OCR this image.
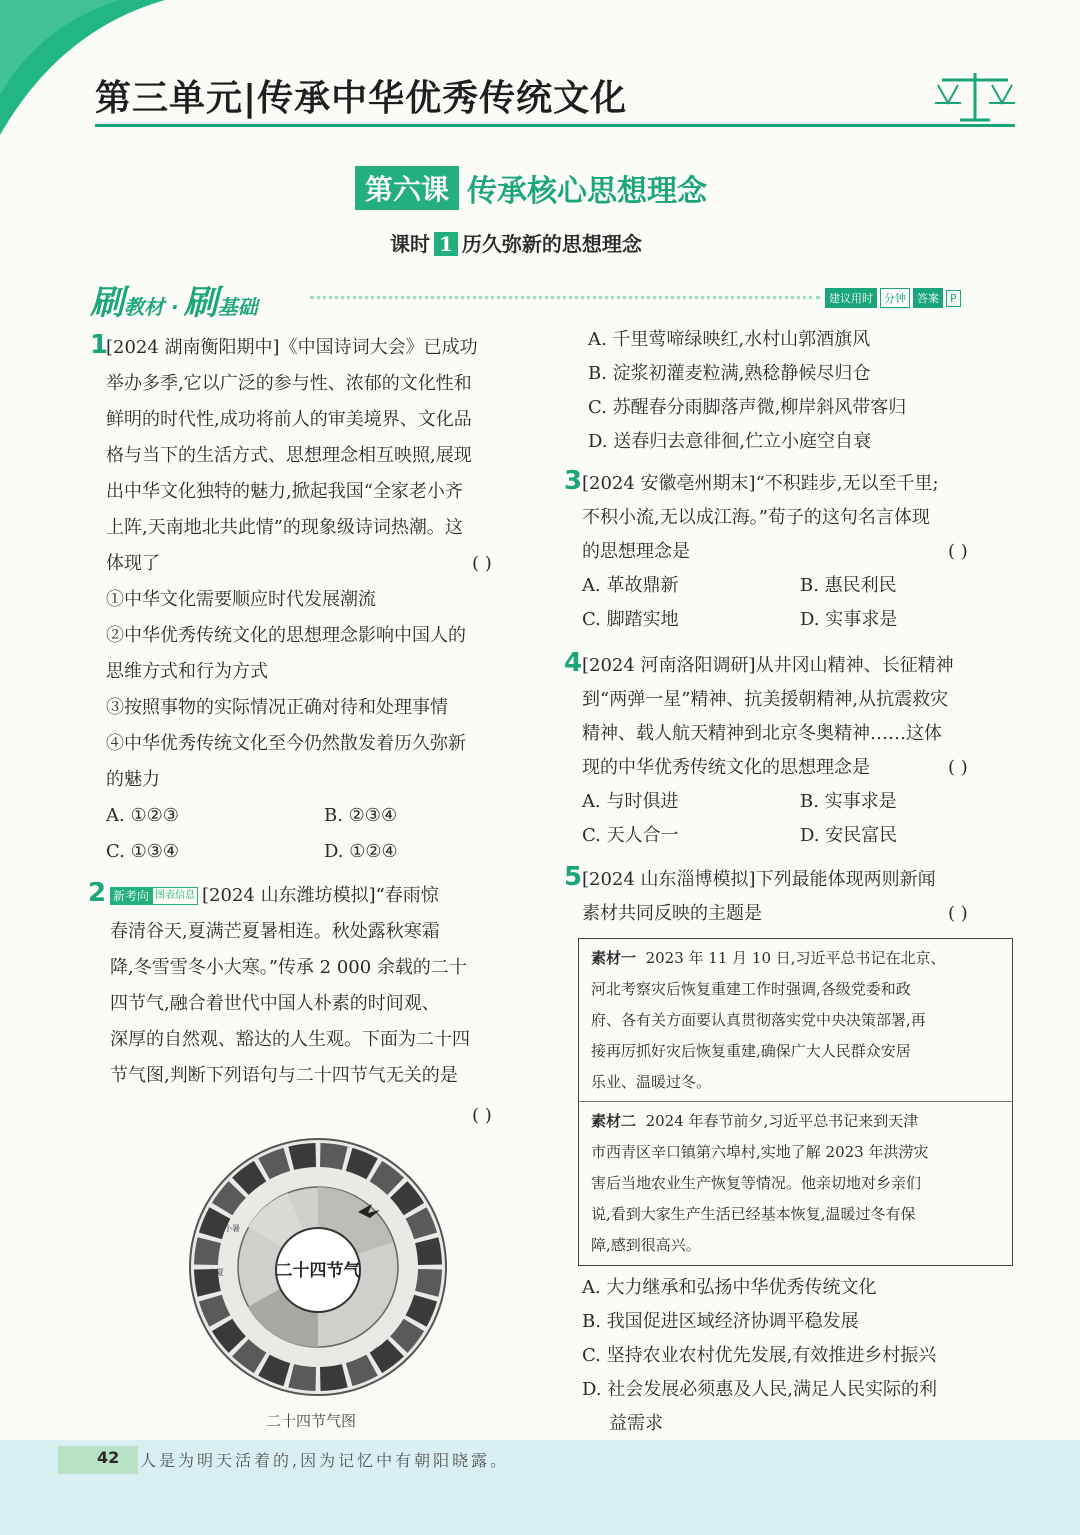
第三单元|传承中华优秀传统文化
第六课 传承核心思想理念
课时 1 历久弥新的思想理念
刷教材 · 刷基础	建议用时 分钟 答案 P
1
[2024 湖南衡阳期中]《中国诗词大会》已成功
举办多季,它以广泛的参与性、浓郁的文化性和
鲜明的时代性,成功将前人的审美境界、文化品
格与当下的生活方式、思想理念相互映照,展现
出中华文化独特的魅力,掀起我国“全家老小齐
上阵,天南地北共此情”的现象级诗词热潮。这
体现了	( )
①中华文化需要顺应时代发展潮流
②中华优秀传统文化的思想理念影响中国人的
思维方式和行为方式
③按照事物的实际情况正确对待和处理事情
④中华优秀传统文化至今仍然散发着历久弥新
的魅力
A. ①②③	B. ②③④
C. ①③④	D. ①②④
2 新考向 图表信息 [2024 山东潍坊模拟]“春雨惊
春清谷天,夏满芒夏暑相连。秋处露秋寒霜
降,冬雪雪冬小大寒。”传承 2 000 余载的二十
四节气,融合着世代中国人朴素的时间观、
深厚的自然观、豁达的人生观。下面为二十四
节气图,判断下列语句与二十四节气无关的是
( )
二十四节气
小暑
立夏
立秋
二十四节气图
A. 千里莺啼绿映红,水村山郭酒旗风
B. 淀浆初灌麦粒满,熟稔静候尽归仓
C. 苏醒春分雨脚落声微,柳岸斜风带客归
D. 送春归去意徘徊,伫立小庭空自衰
3 [2024 安徽亳州期末]“不积跬步,无以至千里;
不积小流,无以成江海。”荀子的这句名言体现
的思想理念是	( )
A. 革故鼎新	B. 惠民利民
C. 脚踏实地	D. 实事求是
4 [2024 河南洛阳调研]从井冈山精神、长征精神
到“两弹一星”精神、抗美援朝精神,从抗震救灾
精神、载人航天精神到北京冬奥精神……这体
现的中华优秀传统文化的思想理念是	( )
A. 与时俱进	B. 实事求是
C. 天人合一	D. 安民富民
5 [2024 山东淄博模拟]下列最能体现两则新闻
素材共同反映的主题是	( )
素材一 2023 年 11 月 10 日,习近平总书记在北京、
河北考察灾后恢复重建工作时强调,各级党委和政
府、各有关方面要认真贯彻落实党中央决策部署,再
接再厉抓好灾后恢复重建,确保广大人民群众安居
乐业、温暖过冬。
素材二 2024 年春节前夕,习近平总书记来到天津
市西青区辛口镇第六埠村,实地了解 2023 年洪涝灾
害后当地农业生产恢复等情况。他亲切地对乡亲们
说,看到大家生产生活已经基本恢复,温暖过冬有保
障,感到很高兴。
A. 大力继承和弘扬中华优秀传统文化
B. 我国促进区域经济协调平稳发展
C. 坚持农业农村优先发展,有效推进乡村振兴
D. 社会发展必须惠及人民,满足人民实际的利
益需求
42 人是为明天活着的,因为记忆中有朝阳晓露。
